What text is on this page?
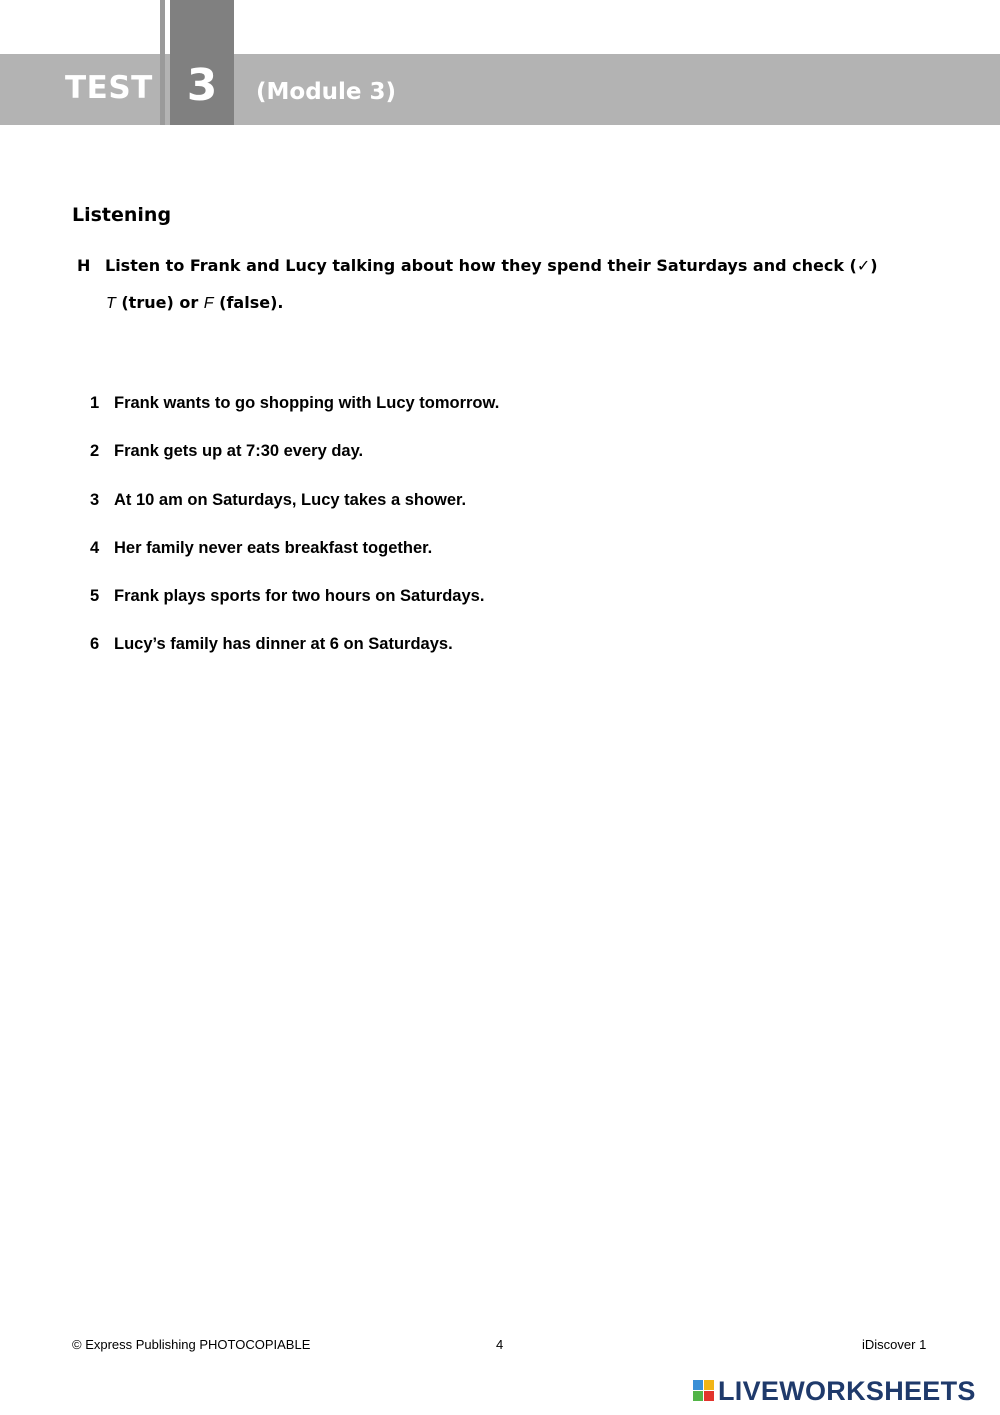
TEST 3	(Module 3)
Listening
H Listen to Frank and Lucy talking about how they spend their Saturdays and check (✓)
T (true) or F (false).
1 Frank wants to go shopping with Lucy tomorrow.
2 Frank gets up at 7:30 every day.
3 At 10 am on Saturdays, Lucy takes a shower.
4 Her family never eats breakfast together.
5 Frank plays sports for two hours on Saturdays.
6 Lucy’s family has dinner at 6 on Saturdays.
© Express Publishing PHOTOCOPIABLE	4	iDiscover 1
LIVEWORKSHEETS
